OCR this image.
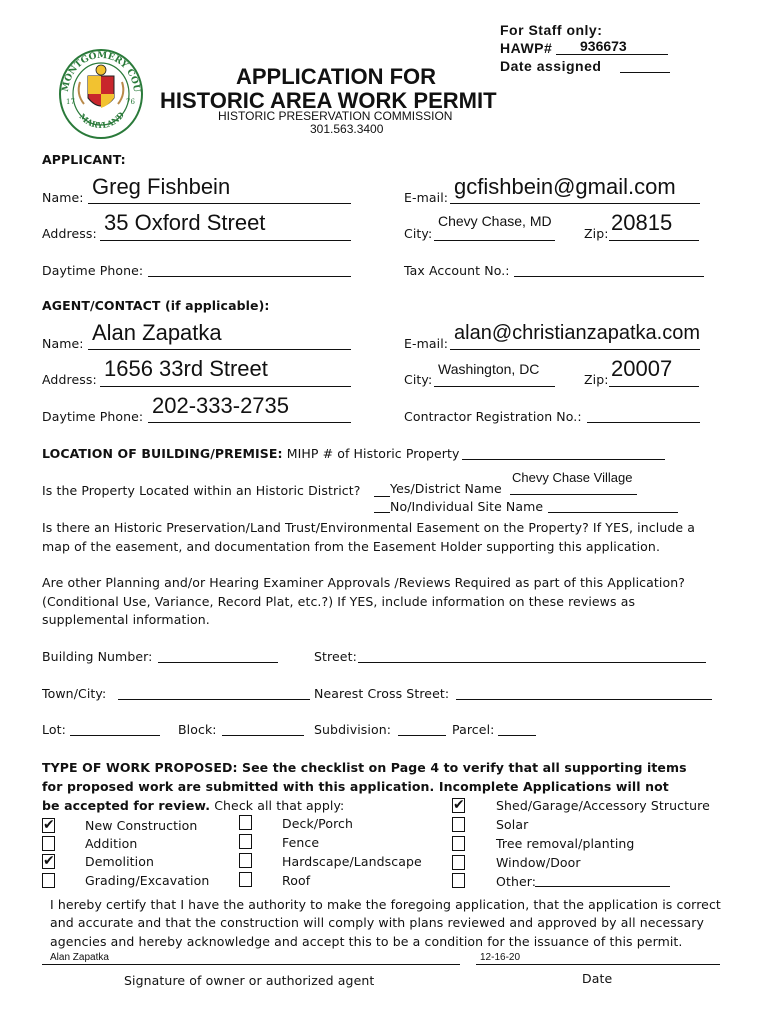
For Staff only:
HAWP# 936673
Date assigned
MONTGOMERY COU
MARYLAND
17	76
APPLICATION FOR
HISTORIC AREA WORK PERMIT
HISTORIC PRESERVATION COMMISSION
301.563.3400
APPLICANT:
Name: Greg Fishbein	E-mail: gcfishbein@gmail.com
Address: 35 Oxford Street	City:
Chevy Chase, MD
Zip: 20815
Daytime Phone:	Tax Account No.:
AGENT/CONTACT (if applicable):
Name: Alan Zapatka	E-mail: alan@christianzapatka.com
Address: 1656 33rd Street	City:
Washington, DC
Zip: 20007
Daytime Phone: 202-333-2735	Contractor Registration No.:
LOCATION OF BUILDING/PREMISE: MIHP # of Historic Property
Is the Property Located within an Historic District? Yes/District Name
Chevy Chase Village
No/Individual Site Name
Is there an Historic Preservation/Land Trust/Environmental Easement on the Property? If YES, include a
map of the easement, and documentation from the Easement Holder supporting this application.
Are other Planning and/or Hearing Examiner Approvals /Reviews Required as part of this Application?
(Conditional Use, Variance, Record Plat, etc.?) If YES, include information on these reviews as
supplemental information.
Building Number:	Street:
Town/City:	Nearest Cross Street:
Lot:	Block:	Subdivision:	Parcel:
TYPE OF WORK PROPOSED: See the checklist on Page 4 to verify that all supporting items
for proposed work are submitted with this application. Incomplete Applications will not
be accepted for review. Check all that apply:
✔ New Construction
Addition
✔ Demolition
Grading/Excavation
Deck/Porch
Fence
Hardscape/Landscape
Roof
✔	Shed/Garage/Accessory Structure
Solar
Tree removal/planting
Window/Door
Other:
I hereby certify that I have the authority to make the foregoing application, that the application is correct
and accurate and that the construction will comply with plans reviewed and approved by all necessary
agencies and hereby acknowledge and accept this to be a condition for the issuance of this permit.
Alan Zapatka	12-16-20
Signature of owner or authorized agent	Date
